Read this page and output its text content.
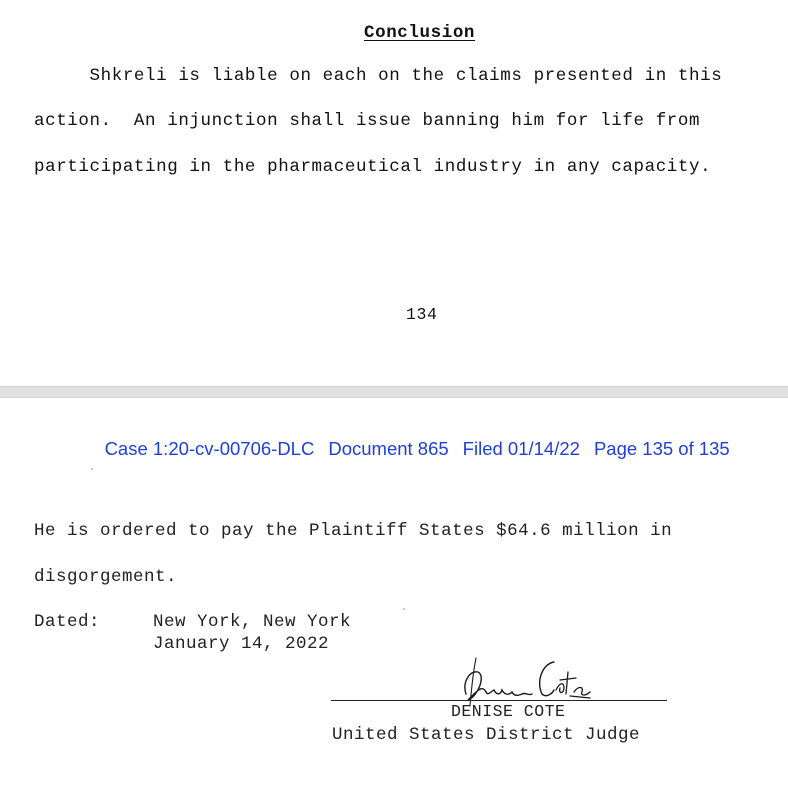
Conclusion
Shkreli is liable on each on the claims presented in this
action.  An injunction shall issue banning him for life from
participating in the pharmaceutical industry in any capacity.
134

Case 1:20-cv-00706-DLC Document 865 Filed 01/14/22 Page 135 of 135

He is ordered to pay the Plaintiff States $64.6 million in
disgorgement.
Dated:	New York, New York
January 14, 2022
DENISE COTE
United States District Judge
